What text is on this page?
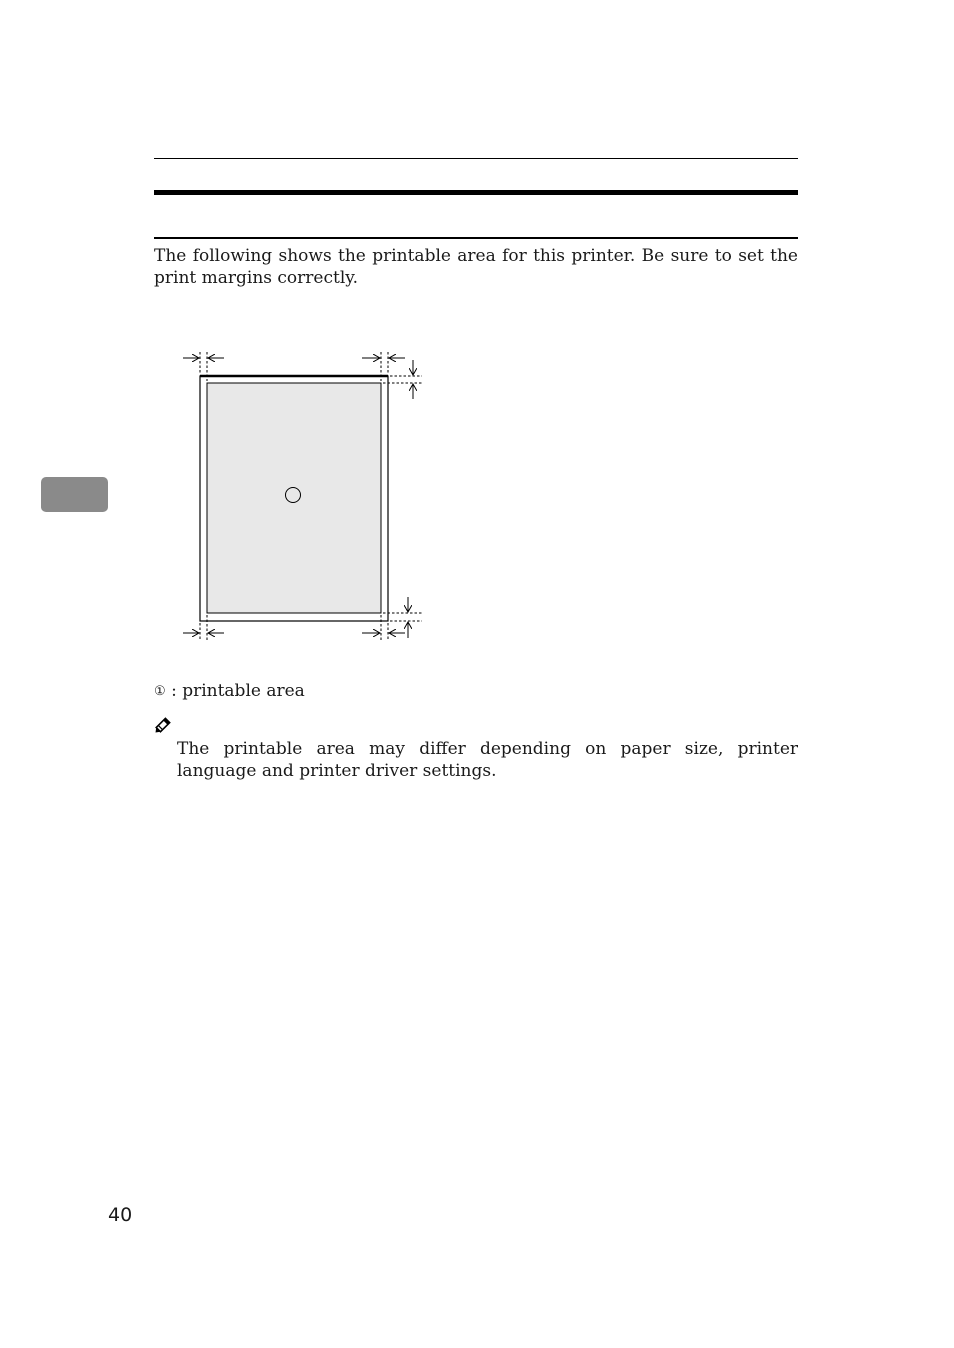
The following shows the printable area for this printer. Be sure to set the print margins correctly.

① : printable area

The printable area may differ depending on paper size, printer language and printer driver settings.

40
